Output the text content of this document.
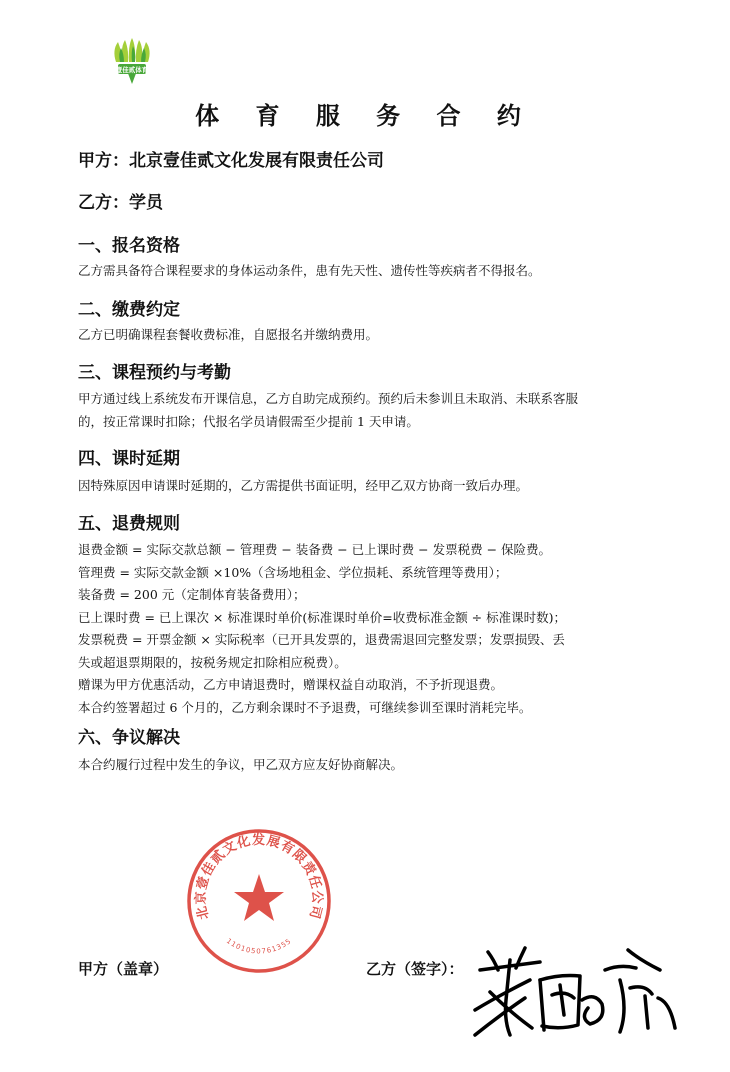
壹佳贰体育
体 育 服 务 合 约

甲方：北京壹佳贰文化发展有限责任公司

乙方：学员

一、报名资格
乙方需具备符合课程要求的身体运动条件，患有先天性、遗传性等疾病者不得报名。
二、缴费约定
乙方已明确课程套餐收费标准，自愿报名并缴纳费用。
三、课程预约与考勤
甲方通过线上系统发布开课信息，乙方自助完成预约。预约后未参训且未取消、未联系客服
的，按正常课时扣除；代报名学员请假需至少提前 1 天申请。
四、课时延期
因特殊原因申请课时延期的，乙方需提供书面证明，经甲乙双方协商一致后办理。
五、退费规则
退费金额 = 实际交款总额 − 管理费 − 装备费 − 已上课时费 − 发票税费 − 保险费。
管理费 = 实际交款金额 ×10%（含场地租金、学位损耗、系统管理等费用）；
装备费 = 200 元（定制体育装备费用）；
已上课时费 = 已上课次 × 标准课时单价(标准课时单价=收费标准金额 ÷ 标准课时数)；
发票税费 = 开票金额 × 实际税率（已开具发票的，退费需退回完整发票；发票损毁、丢
失或超退票期限的，按税务规定扣除相应税费）。
赠课为甲方优惠活动，乙方申请退费时，赠课权益自动取消，不予折现退费。
本合约签署超过 6 个月的，乙方剩余课时不予退费，可继续参训至课时消耗完毕。
六、争议解决
本合约履行过程中发生的争议，甲乙双方应友好协商解决。
北京壹佳贰文化发展有限责任公司
1101050761355

甲方（盖章）	乙方（签字）：
